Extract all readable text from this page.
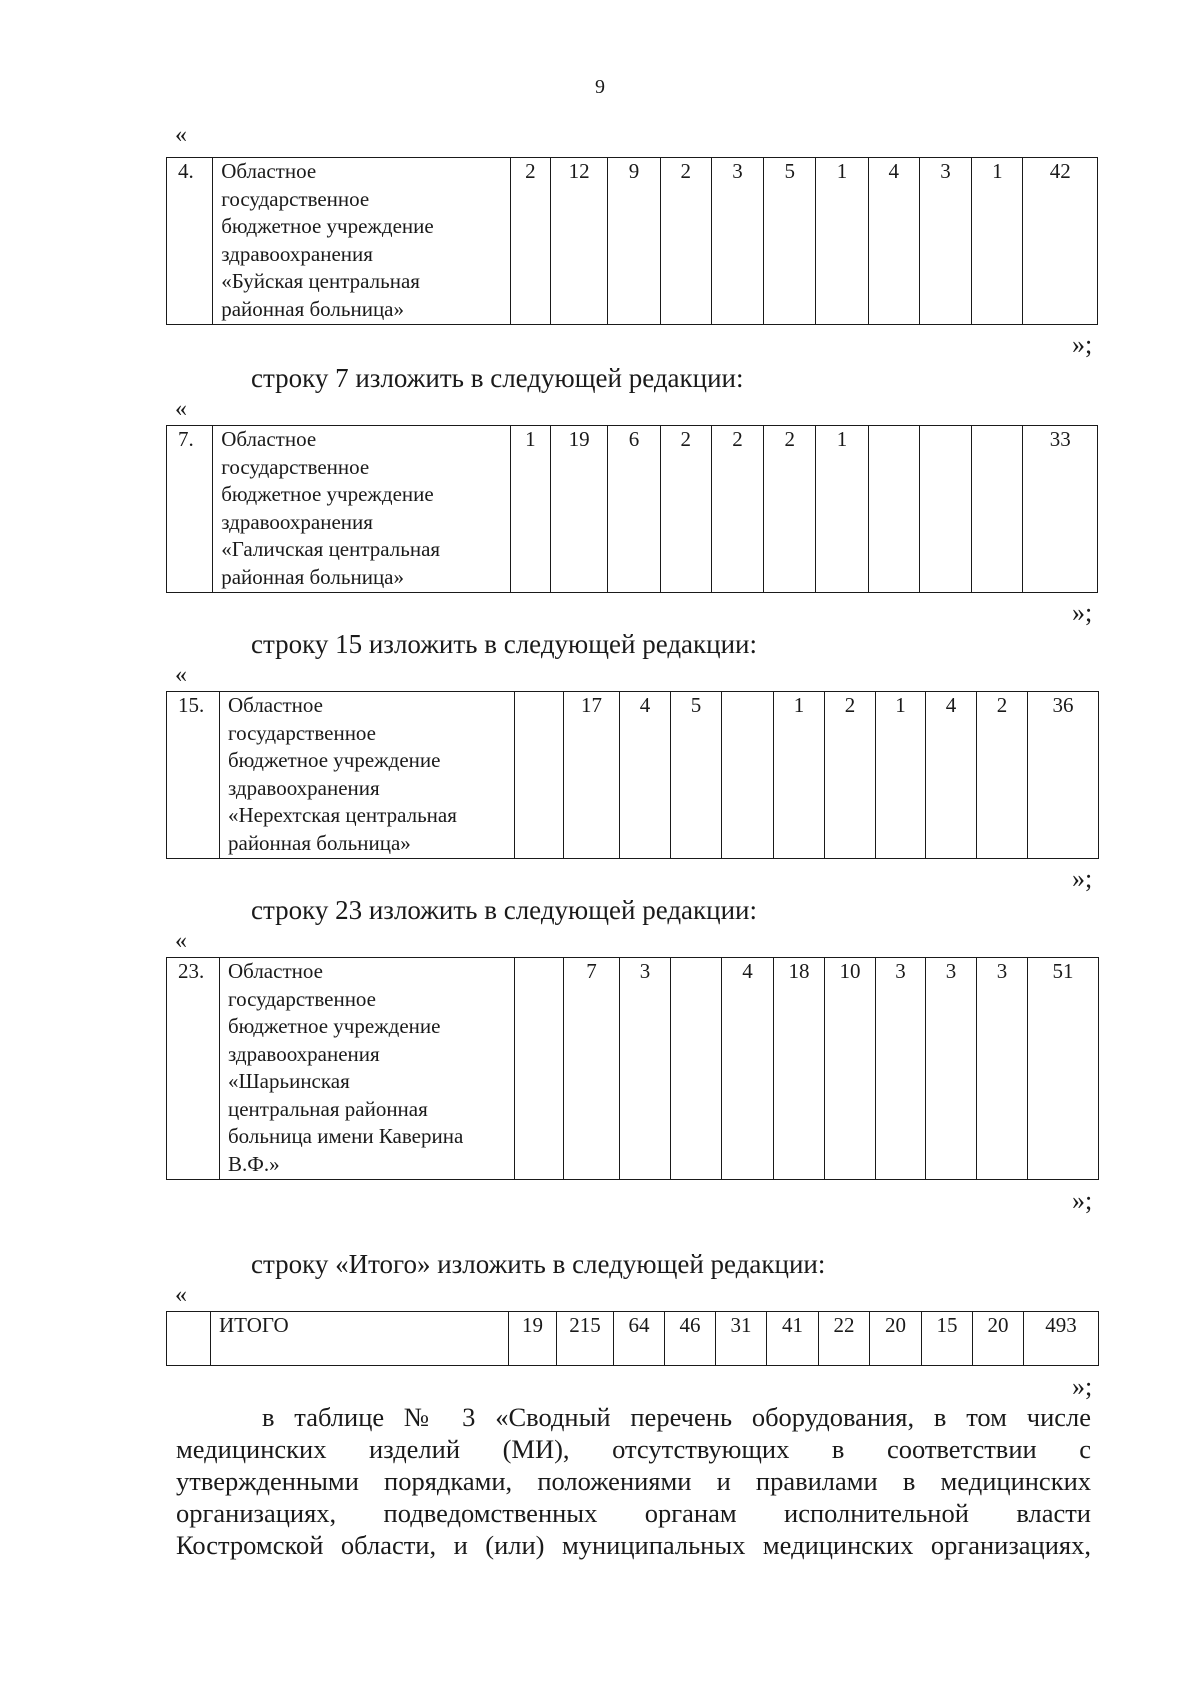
9
«
4.	Областное
государственное
бюджетное учреждение
здравоохранения
«Буйская центральная
районная больница»
	2	12	9	2	3	5	1	4	3	1	42
»;
строку 7 изложить в следующей редакции:
«
7.	Областное
государственное
бюджетное учреждение
здравоохранения
«Галичская центральная
районная больница»
	1	19	6	2	2	2	1				33
»;
строку 15 изложить в следующей редакции:
«
15.	Областное
государственное
бюджетное учреждение
здравоохранения
«Нерехтская центральная
районная больница»
		17	4	5		1	2	1	4	2	36
»;
строку 23 изложить в следующей редакции:
«
23.	Областное
государственное
бюджетное учреждение
здравоохранения
«Шарьинская
центральная районная
больница имени Каверина
В.Ф.»
		7	3		4	18	10	3	3	3	51
»;
строку «Итого» изложить в следующей редакции:
«

ИТОГО	19	215	64	46	31	41	22	20	15	20	493
»;
в таблице № 3 «Сводный перечень оборудования, в том числе
медицинских изделий (МИ), отсутствующих в соответствии с
утвержденными порядками, положениями и правилами в медицинских
организациях, подведомственных органам исполнительной власти
Костромской области, и (или) муниципальных медицинских организациях,
